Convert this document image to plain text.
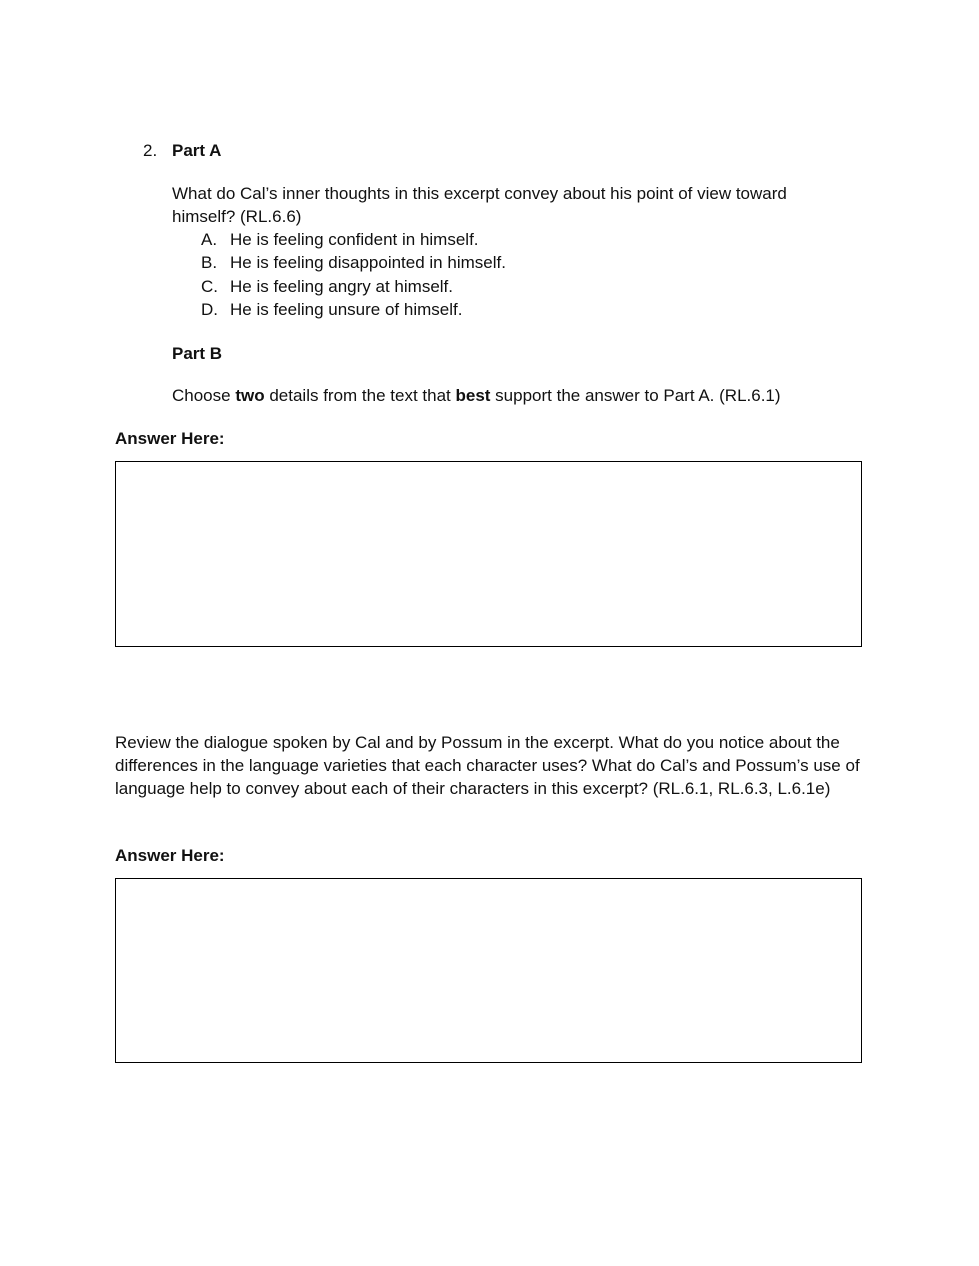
2. Part A
What do Cal’s inner thoughts in this excerpt convey about his point of view toward himself? (RL.6.6)
A. He is feeling confident in himself.
B. He is feeling disappointed in himself.
C. He is feeling angry at himself.
D. He is feeling unsure of himself.
Part B
Choose two details from the text that best support the answer to Part A. (RL.6.1)
Answer Here:
Review the dialogue spoken by Cal and by Possum in the excerpt. What do you notice about the differences in the language varieties that each character uses? What do Cal’s and Possum’s use of language help to convey about each of their characters in this excerpt? (RL.6.1, RL.6.3, L.6.1e)
Answer Here:
